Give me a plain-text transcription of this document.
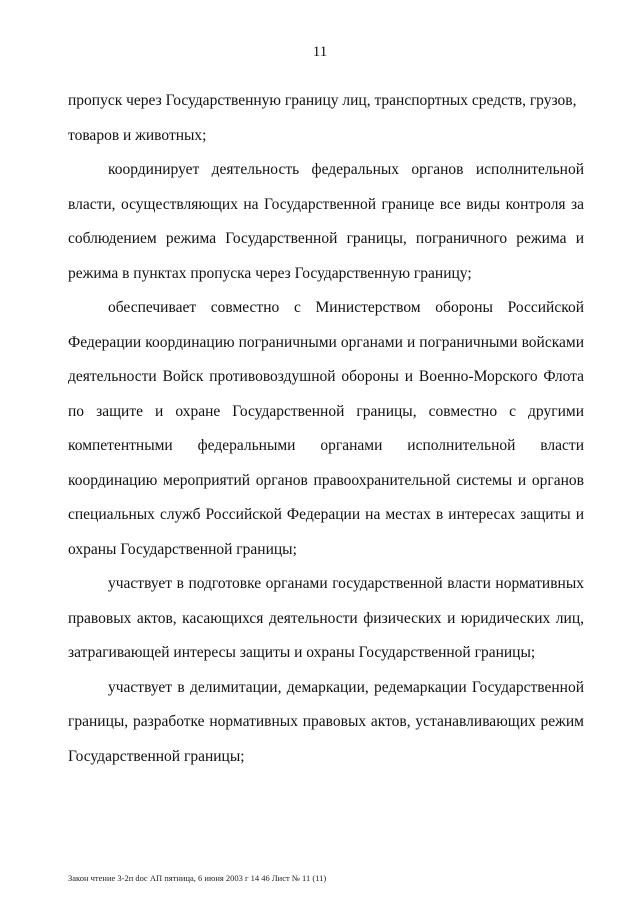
11
пропуск через Государственную границу лиц, транспортных средств, грузов,
товаров и животных;
координирует деятельность федеральных органов исполнительной
власти, осуществляющих на Государственной границе все виды контроля за
соблюдением режима Государственной границы, пограничного режима и
режима в пунктах пропуска через Государственную границу;
обеспечивает совместно с Министерством обороны Российской
Федерации координацию пограничными органами и пограничными войсками
деятельности Войск противовоздушной обороны и Военно-Морского Флота
по защите и охране Государственной границы, совместно с другими
компетентными федеральными органами исполнительной власти
координацию мероприятий органов правоохранительной системы и органов
специальных служб Российской Федерации на местах в интересах защиты и
охраны Государственной границы;
участвует в подготовке органами государственной власти нормативных
правовых актов, касающихся деятельности физических и юридических лиц,
затрагивающей интересы защиты и охраны Государственной границы;
участвует в делимитации, демаркации, редемаркации Государственной
границы, разработке нормативных правовых актов, устанавливающих режим
Государственной границы;
Закон чтение 3-2п doc АП пятница, 6 июня 2003 г 14 46 Лист № 11 (11)
